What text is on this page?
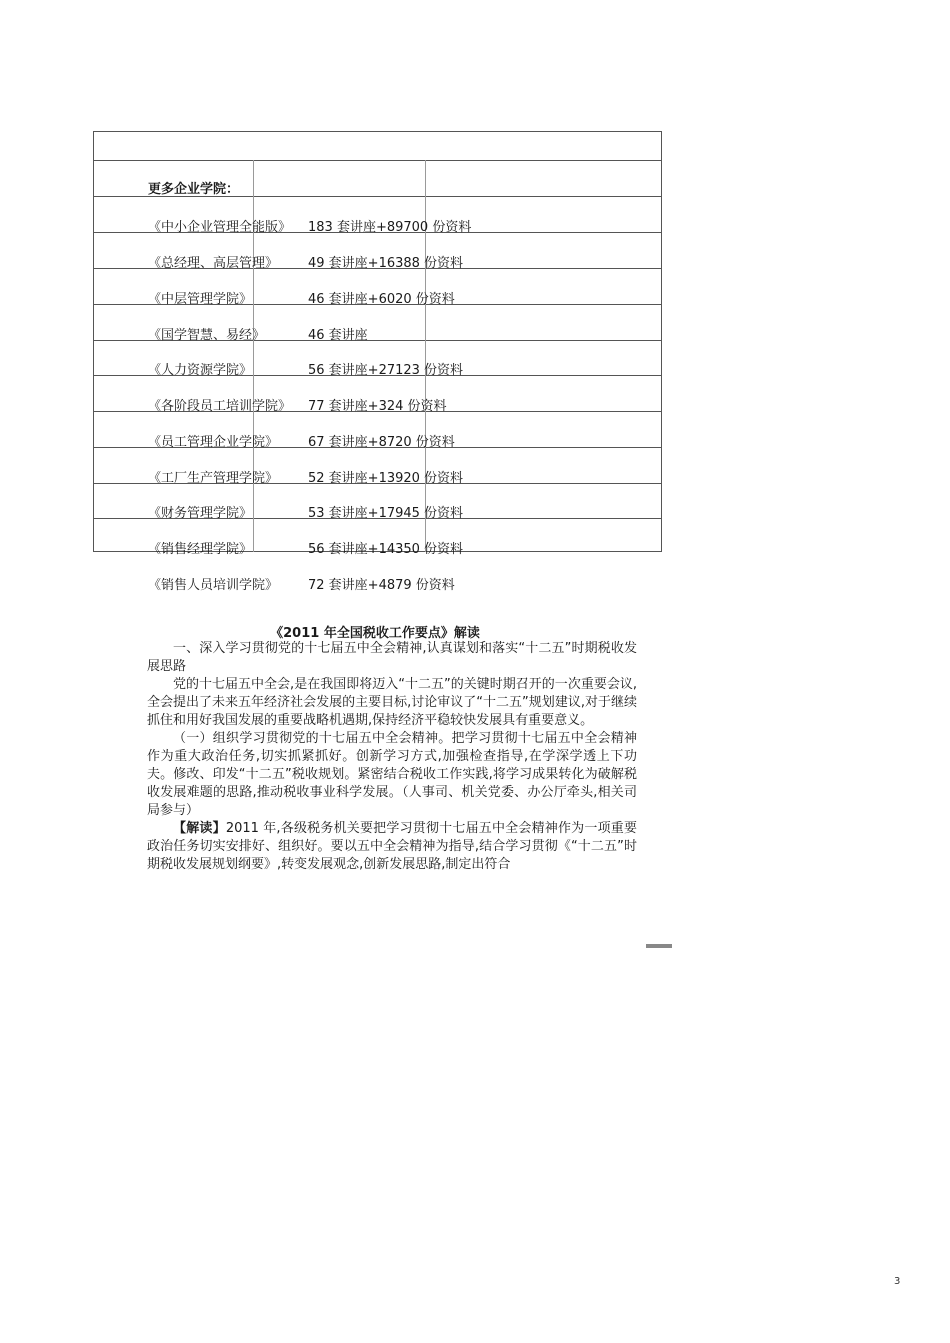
更多企业学院：
《中小企业管理全能版》 183 套讲座+89700 份资料
《总经理、高层管理》 49 套讲座+16388 份资料
《中层管理学院》	46 套讲座+6020 份资料
《国学智慧、易经》	46 套讲座
《人力资源学院》	56 套讲座+27123 份资料
《各阶段员工培训学院》 77 套讲座+324 份资料
《员工管理企业学院》 67 套讲座+8720 份资料
《工厂生产管理学院》 52 套讲座+13920 份资料
《财务管理学院》	53 套讲座+17945 份资料
《销售经理学院》	56 套讲座+14350 份资料
《销售人员培训学院》 72 套讲座+4879 份资料
《2011 年全国税收工作要点》解读

一、深入学习贯彻党的十七届五中全会精神,认真谋划和落实“十二五”时期税收发展思路

党的十七届五中全会,是在我国即将迈入“十二五”的关键时期召开的一次重要会议,全会提出了未来五年经济社会发展的主要目标,讨论审议了“十二五”规划建议,对于继续抓住和用好我国发展的重要战略机遇期,保持经济平稳较快发展具有重要意义。

（一）组织学习贯彻党的十七届五中全会精神。把学习贯彻十七届五中全会精神作为重大政治任务,切实抓紧抓好。创新学习方式,加强检查指导,在学深学透上下功夫。修改、印发“十二五”税收规划。紧密结合税收工作实践,将学习成果转化为破解税收发展难题的思路,推动税收事业科学发展。（人事司、机关党委、办公厅牵头,相关司局参与）

【解读】2011 年,各级税务机关要把学习贯彻十七届五中全会精神作为一项重要政治任务切实安排好、组织好。要以五中全会精神为指导,结合学习贯彻《“十二五”时期税收发展规划纲要》,转变发展观念,创新发展思路,制定出符合

3
